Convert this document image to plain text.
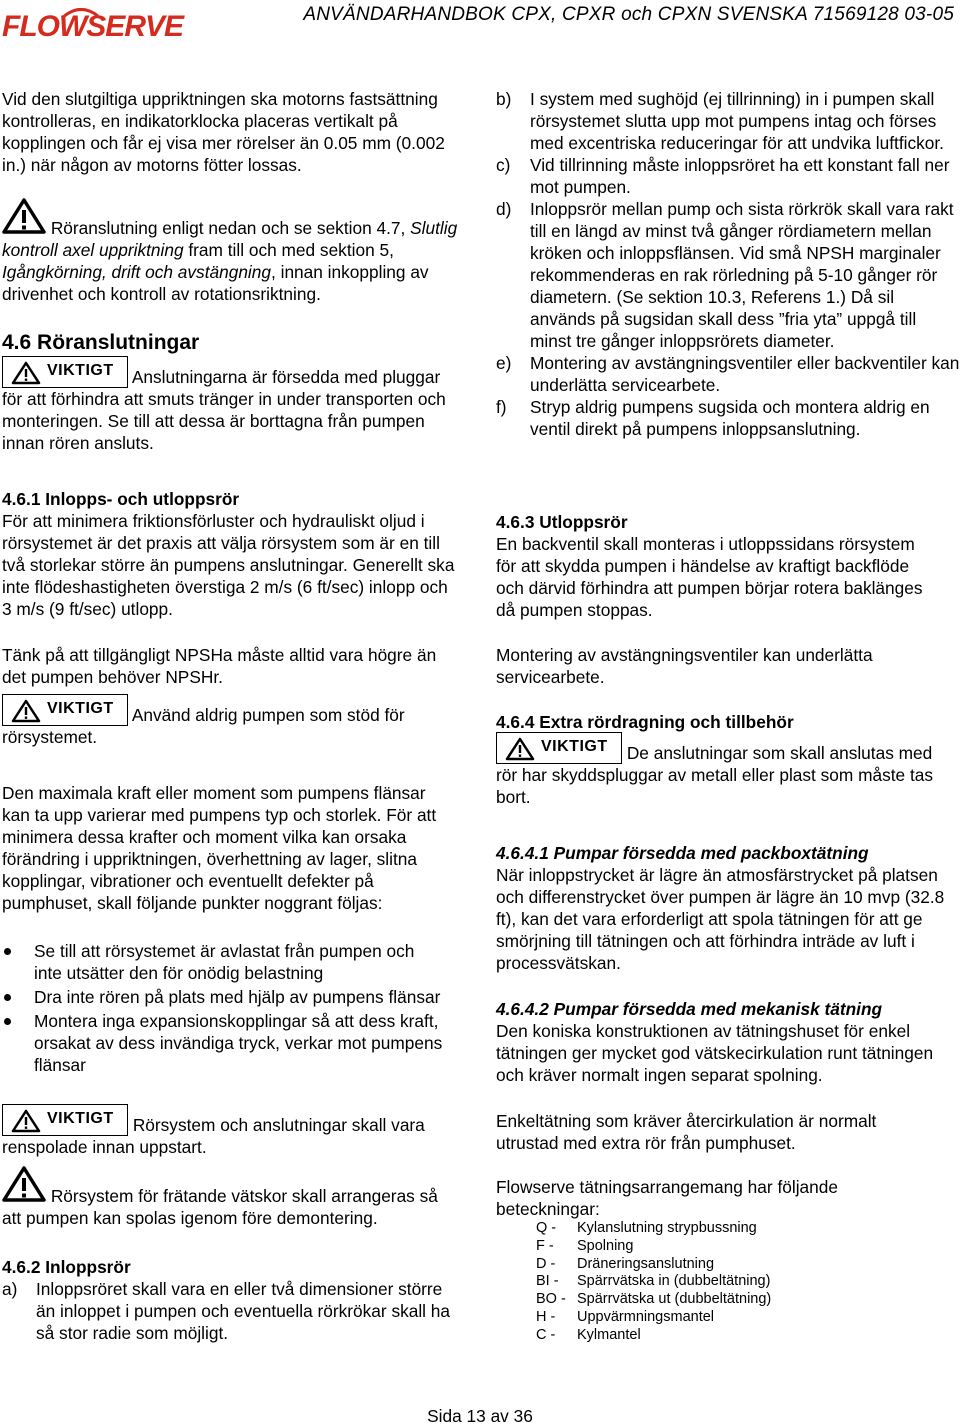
FLOWSERVE	ANVÄNDARHANDBOK CPX, CPXR och CPXN SVENSKA 71569128 03-05

Vid den slutgiltiga uppriktningen ska motorns fastsättning kontrolleras, en indikatorklocka placeras vertikalt på kopplingen och får ej visa mer rörelser än 0.05 mm (0.002 in.) när någon av motorns fötter lossas.

Röranslutning enligt nedan och se sektion 4.7, Slutlig kontroll axel uppriktning fram till och med sektion 5, Igångkörning, drift och avstängning, innan inkoppling av drivenhet och kontroll av rotationsriktning.

4.6 Röranslutningar

VIKTIGT Anslutningarna är försedda med pluggar för att förhindra att smuts tränger in under transporten och monteringen. Se till att dessa är borttagna från pumpen innan rören ansluts.

4.6.1 Inlopps- och utloppsrör

För att minimera friktionsförluster och hydrauliskt oljud i rörsystemet är det praxis att välja rörsystem som är en till två storlekar större än pumpens anslutningar. Generellt ska inte flödeshastigheten överstiga 2 m/s (6 ft/sec) inlopp och 3 m/s (9 ft/sec) utlopp.

Tänk på att tillgängligt NPSHa måste alltid vara högre än det pumpen behöver NPSHr.

VIKTIGT Använd aldrig pumpen som stöd för rörsystemet.

Den maximala kraft eller moment som pumpens flänsar kan ta upp varierar med pumpens typ och storlek. För att minimera dessa krafter och moment vilka kan orsaka förändring i uppriktningen, överhettning av lager, slitna kopplingar, vibrationer och eventuellt defekter på pumphuset, skall följande punkter noggrant följas:

Se till att rörsystemet är avlastat från pumpen och inte utsätter den för onödig belastning
Dra inte rören på plats med hjälp av pumpens flänsar
Montera inga expansionskopplingar så att dess kraft, orsakat av dess invändiga tryck, verkar mot pumpens flänsar

VIKTIGT Rörsystem och anslutningar skall vara renspolade innan uppstart.

Rörsystem för frätande vätskor skall arrangeras så att pumpen kan spolas igenom före demontering.

4.6.2 Inloppsrör
a) Inloppsröret skall vara en eller två dimensioner större än inloppet i pumpen och eventuella rörkrökar skall ha så stor radie som möjligt.
b) I system med sughöjd (ej tillrinning) in i pumpen skall rörsystemet slutta upp mot pumpens intag och förses med excentriska reduceringar för att undvika luftfickor.
c) Vid tillrinning måste inloppsröret ha ett konstant fall ner mot pumpen.
d) Inloppsrör mellan pump och sista rörkrök skall vara rakt till en längd av minst två gånger rördiametern mellan kröken och inloppsflänsen. Vid små NPSH marginaler rekommenderas en rak rörledning på 5-10 gånger rör diametern. (Se sektion 10.3, Referens 1.) Då sil används på sugsidan skall dess ”fria yta” uppgå till minst tre gånger inloppsrörets diameter.
e) Montering av avstängningsventiler eller backventiler kan underlätta servicearbete.
f) Stryp aldrig pumpens sugsida och montera aldrig en ventil direkt på pumpens inloppsanslutning.
4.6.3 Utloppsrör

En backventil skall monteras i utloppssidans rörsystem för att skydda pumpen i händelse av kraftigt backflöde och därvid förhindra att pumpen börjar rotera baklänges då pumpen stoppas.

Montering av avstängningsventiler kan underlätta servicearbete.

4.6.4 Extra rördragning och tillbehör

VIKTIGT De anslutningar som skall anslutas med rör har skyddspluggar av metall eller plast som måste tas bort.

4.6.4.1 Pumpar försedda med packboxtätning

När inloppstrycket är lägre än atmosfärstrycket på platsen och differenstrycket över pumpen är lägre än 10 mvp (32.8 ft), kan det vara erforderligt att spola tätningen för att ge smörjning till tätningen och att förhindra inträde av luft i processvätskan.

4.6.4.2 Pumpar försedda med mekanisk tätning

Den koniska konstruktionen av tätningshuset för enkel tätningen ger mycket god vätskecirkulation runt tätningen och kräver normalt ingen separat spolning.

Enkeltätning som kräver återcirkulation är normalt utrustad med extra rör från pumphuset.

Flowserve tätningsarrangemang har följande beteckningar:

Q - Kylanslutning strypbussning
F - Spolning
D - Dräneringsanslutning
BI - Spärrvätska in (dubbeltätning)
BO - Spärrvätska ut (dubbeltätning)
H - Uppvärmningsmantel
C - Kylmantel
Sida 13 av 36
